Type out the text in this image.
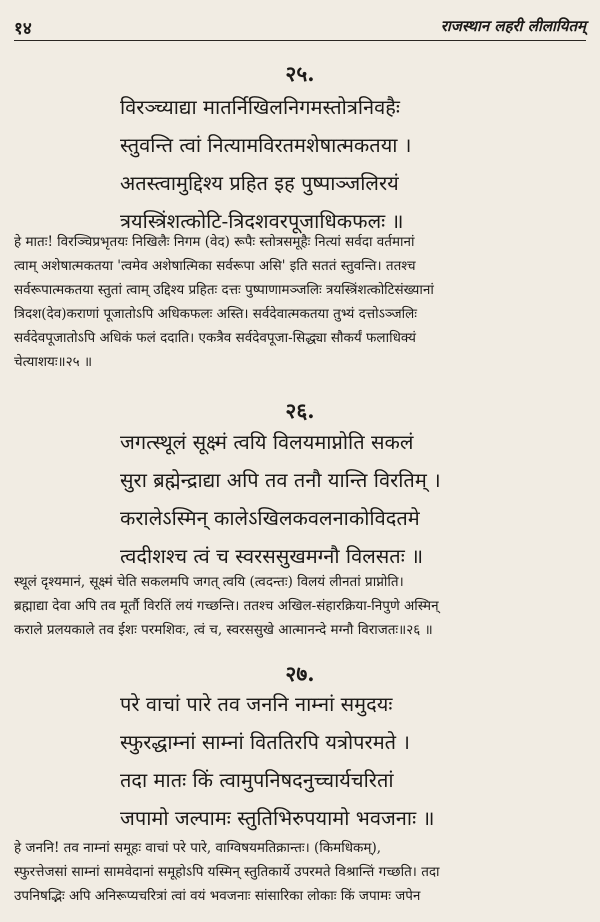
१४	राजस्थान लहरी लीलायितम्
२५.
विरञ्च्याद्या मातर्निखिलनिगमस्तोत्रनिवहैः
स्तुवन्ति त्वां नित्यामविरतमशेषात्मकतया ।
अतस्त्वामुद्दिश्य प्रहित इह पुष्पाञ्जलिरयं
त्रयस्त्रिंशत्कोटि-त्रिदशवरपूजाधिकफलः ॥
हे मातः! विरञ्चिप्रभृतयः निखिलैः निगम (वेद) रूपैः स्तोत्रसमूहैः नित्यां सर्वदा वर्तमानां
त्वाम् अशेषात्मकतया 'त्वमेव अशेषात्मिका सर्वरूपा असि' इति सततं स्तुवन्ति। ततश्च
सर्वरूपात्मकतया स्तुतां त्वाम् उद्दिश्य प्रहितः दत्तः पुष्पाणामञ्जलिः त्रयस्त्रिंशत्कोटिसंख्यानां
त्रिदश(देव)कराणां पूजातोऽपि अधिकफलः अस्ति। सर्वदेवात्मकतया तुभ्यं दत्तोऽञ्जलिः
सर्वदेवपूजातोऽपि अधिकं फलं ददाति। एकत्रैव सर्वदेवपूजा-सिद्ध्या सौकर्यं फलाधिक्यं
चेत्याशयः॥२५ ॥
२६.
जगत्स्थूलं सूक्ष्मं त्वयि विलयमाप्नोति सकलं
सुरा ब्रह्मेन्द्राद्या अपि तव तनौ यान्ति विरतिम् ।
करालेऽस्मिन् कालेऽखिलकवलनाकोविदतमे
त्वदीशश्च त्वं च स्वरससुखमग्नौ विलसतः ॥
स्थूलं दृश्यमानं, सूक्ष्मं चेति सकलमपि जगत् त्वयि (त्वदन्तः) विलयं लीनतां प्राप्नोति।
ब्रह्माद्या देवा अपि तव मूर्तौ विरतिं लयं गच्छन्ति। ततश्च अखिल-संहारक्रिया-निपुणे अस्मिन्
कराले प्रलयकाले तव ईशः परमशिवः, त्वं च, स्वरससुखे आत्मानन्दे मग्नौ विराजतः॥२६ ॥
२७.
परे वाचां पारे तव जननि नाम्नां समुदयः
स्फुरद्धाम्नां साम्नां विततिरपि यत्रोपरमते ।
तदा मातः किं त्वामुपनिषदनुच्चार्यचरितां
जपामो जल्पामः स्तुतिभिरुपयामो भवजनाः ॥
हे जननि! तव नाम्नां समूहः वाचां परे पारे, वाग्विषयमतिक्रान्तः। (किमधिकम्),
स्फुरत्तेजसां साम्नां सामवेदानां समूहोऽपि यस्मिन् स्तुतिकार्ये उपरमते विश्रान्तिं गच्छति। तदा
उपनिषद्भिः अपि अनिरूप्यचरित्रां त्वां वयं भवजनाः सांसारिका लोकाः किं जपामः जपेन
